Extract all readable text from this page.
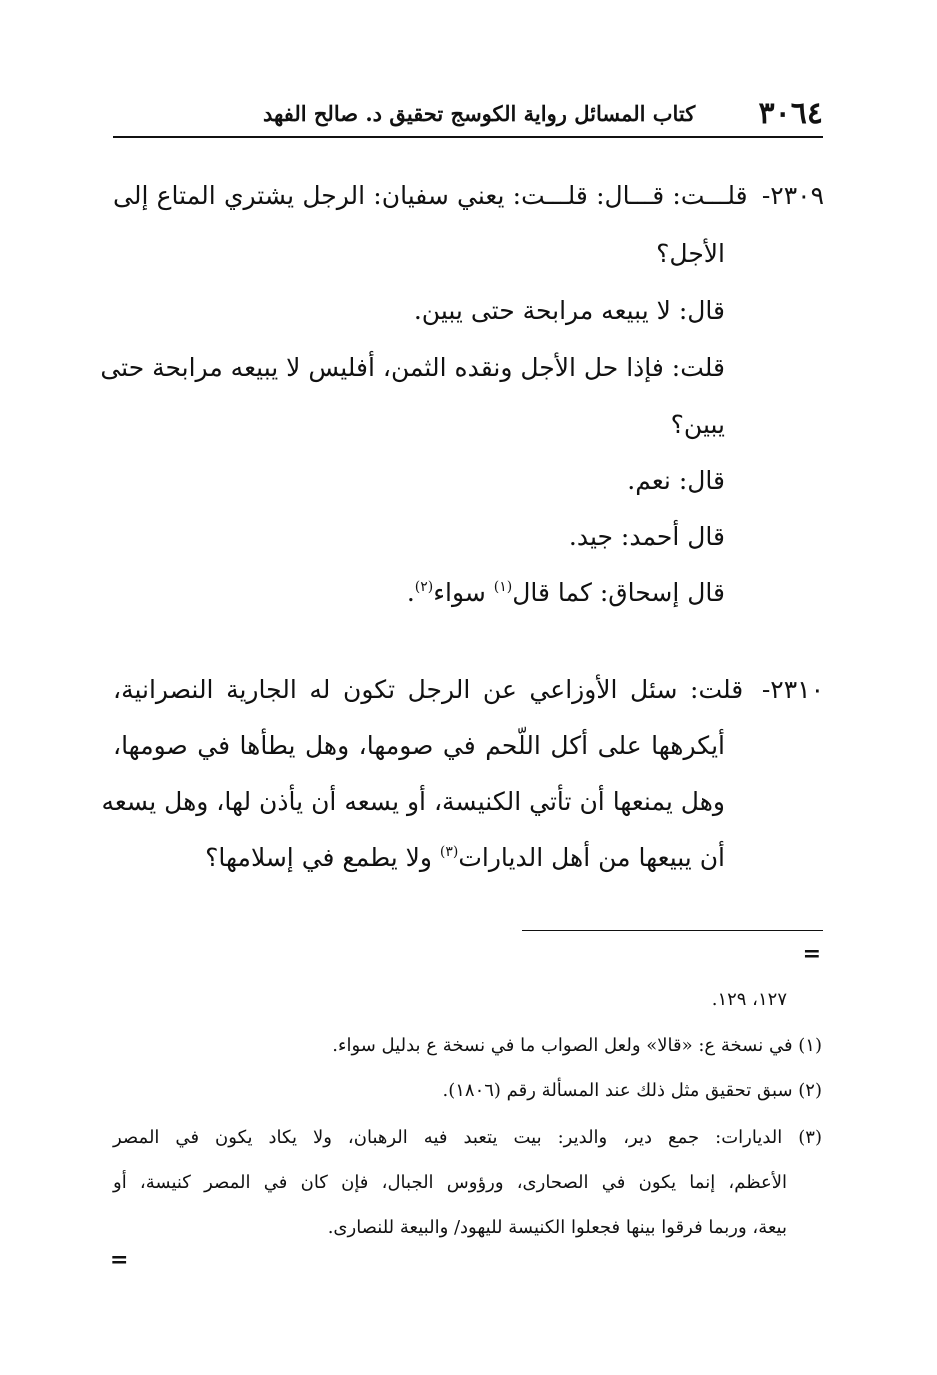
٣٠٦٤
كتاب المسائل رواية الكوسج تحقيق د. صالح الفهد
٢٣٠٩- قلـــت: قـــال: قلـــت: يعني سفيان: الرجل يشتري المتاع إلى
الأجل؟
قال: لا يبيعه مرابحة حتى يبين.
قلت: فإذا حل الأجل ونقده الثمن، أفليس لا يبيعه مرابحة حتى
يبين؟
قال: نعم.
قال أحمد: جيد.
قال إسحاق: كما قال$^{(١)}$ سواء$^{(٢)}$.
٢٣١٠- قلت: سئل الأوزاعي عن الرجل تكون له الجارية النصرانية،
أيكرهها على أكل اللّحم في صومها، وهل يطأها في صومها،
وهل يمنعها أن تأتي الكنيسة، أو يسعه أن يأذن لها، وهل يسعه
أن يبيعها من أهل الديارات$^{(٣)}$ ولا يطمع في إسلامها؟
=
١٢٧، ١٢٩.
(١) في نسخة ع: «قالا» ولعل الصواب ما في نسخة ع بدليل سواء.
(٢) سبق تحقيق مثل ذلك عند المسألة رقم (١٨٠٦).
(٣) الديارات: جمع دير، والدير: بيت يتعبد فيه الرهبان، ولا يكاد يكون في المصر
الأعظم، إنما يكون في الصحارى، ورؤوس الجبال، فإن كان في المصر كنيسة، أو
بيعة، وربما فرقوا بينها فجعلوا الكنيسة لليهود/ والبيعة للنصارى.
=
